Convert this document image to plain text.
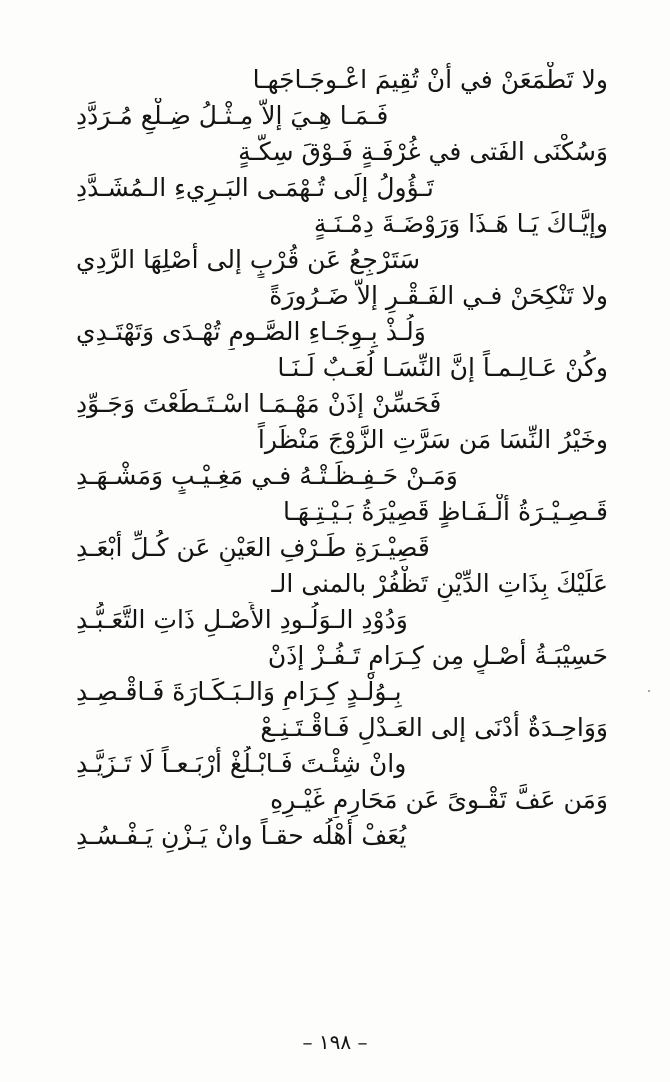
ولا تَطْمَعَنْ في أنْ تُقِيمَ اعْـوجَـاجَهـا
فَـمَـا هِـيَ إلاّ مِـثْـلُ ضِـلْعٍ مُـرَدَّدِ
وَسُكْنَى الفَتى في غُرْفَـةٍ فَـوْقَ سِكَّـةٍ
تَـؤُولُ إلَى تُـهْمَـى البَـرِيءِ الـمُشَـدَّدِ
وإيَّـاكَ يَـا هَـذَا وَرَوْضَـةَ دِمْـنَـةٍ
سَتَرْجِعُ عَن قُرْبٍ إلى أَصْلِهَا الرَّدِي
ولا تَنْكِحَنْ فـي الفَـقْـرِ إلاّ ضَـرُورَةً
وَلُـذْ بِـوِجَـاءِ الصَّـومِ تُهْـدَى وَتَهْتَـدِي
وكُنْ عَـالِـمـاً إنَّ النِّسَـا لُعَـبٌ لَـنَـا
فَحَسِّنْ إذَنْ مَهْـمَـا اسْـتَـطَعْتَ وَجَـوِّدِ
وخَيْرُ النِّسَا مَن سَرَّتِ الزَّوْجَ مَنْظَراً
وَمَـنْ حَـفِـظَـتْـهُ فـي مَغِـيْـبٍ وَمَشْـهَـدِ
قَـصِـيْـرَةُ أَلْـفَـاظٍ قَصِيْرَةُ بَـيْـتِـهَـا
قَصِيْـرَةِ طَـرْفِ العَيْنِ عَن كُـلِّ أَبْعَـدِ
عَلَيْكَ بِذَاتِ الدِّيْنِ تَظْفُرْ بالمنى الـ
وَدُوْدِ الـوَلُـودِ الأَصْـلِ ذَاتِ التَّعَـبُّـدِ
حَسِيْبَـةُ أَصْـلٍ مِن كِـرَامٍ تَـفُـزْ إذَنْ
بِـوُلْـدٍ كِـرَامٍ وَالـبَـكَـارَةَ فَـاقْـصِـدِ
وَوَاحِـدَةٌ أَدْنَى إلى العَـدْلِ فَـاقْـتَـنِـعْ
وانْ شِئْـتَ فَـابْـلُغْ أَرْبَـعـاً لَا تَـزَيَّـدِ
وَمَن عَفَّ تَقْـوىً عَن مَحَارِمِ غَيْـرِهِ
يُعَفْ أَهْلُه حقـاً وانْ يَـزْنِ يَـفْـسُـدِ
– ١٩٨ –
